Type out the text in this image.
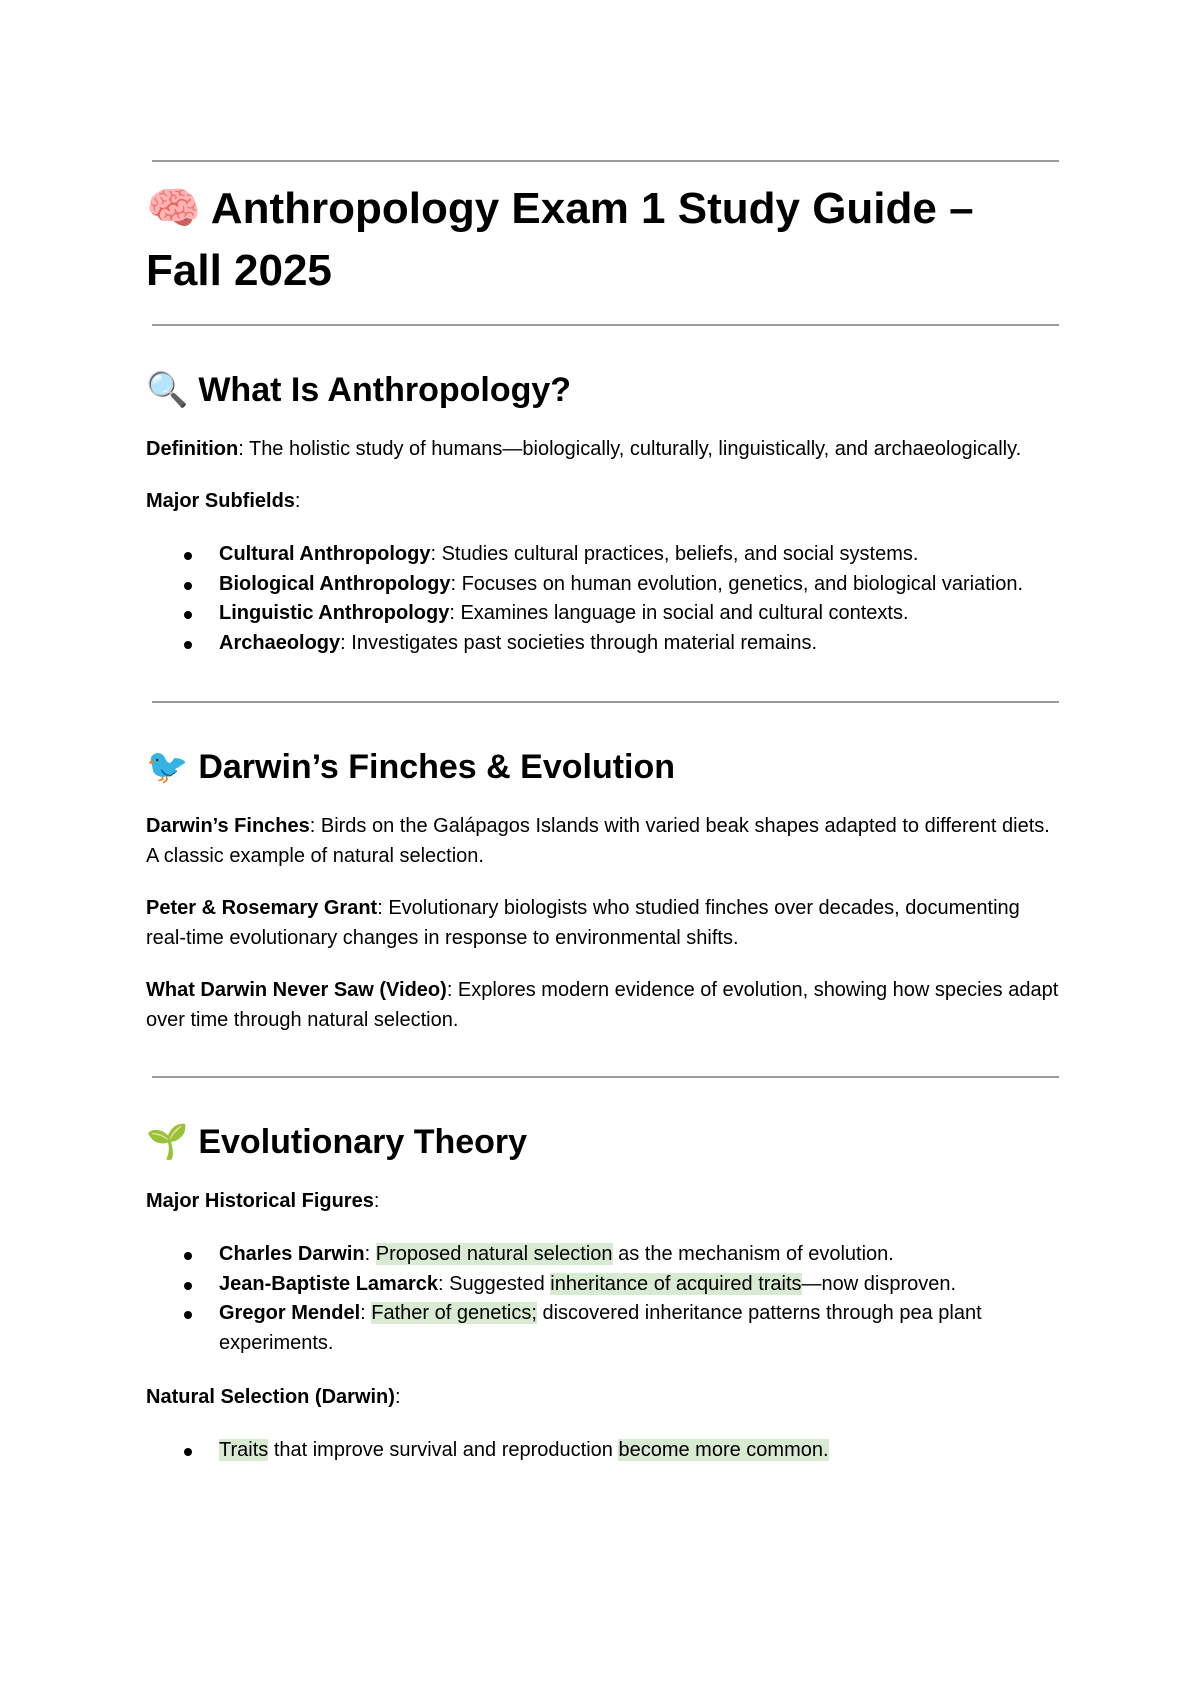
🧠 Anthropology Exam 1 Study Guide – Fall 2025
🔍 What Is Anthropology?

Definition: The holistic study of humans—biologically, culturally, linguistically, and archaeologically.

Major Subfields:

Cultural Anthropology: Studies cultural practices, beliefs, and social systems.
Biological Anthropology: Focuses on human evolution, genetics, and biological variation.
Linguistic Anthropology: Examines language in social and cultural contexts.
Archaeology: Investigates past societies through material remains.
🐦 Darwin’s Finches & Evolution

Darwin’s Finches: Birds on the Galápagos Islands with varied beak shapes adapted to different diets. A classic example of natural selection.

Peter & Rosemary Grant: Evolutionary biologists who studied finches over decades, documenting real-time evolutionary changes in response to environmental shifts.

What Darwin Never Saw (Video): Explores modern evidence of evolution, showing how species adapt over time through natural selection.

🌱 Evolutionary Theory

Major Historical Figures:

Charles Darwin: Proposed natural selection as the mechanism of evolution.
Jean-Baptiste Lamarck: Suggested inheritance of acquired traits—now disproven.
Gregor Mendel: Father of genetics; discovered inheritance patterns through pea plant experiments.

Natural Selection (Darwin):

Traits that improve survival and reproduction become more common.
